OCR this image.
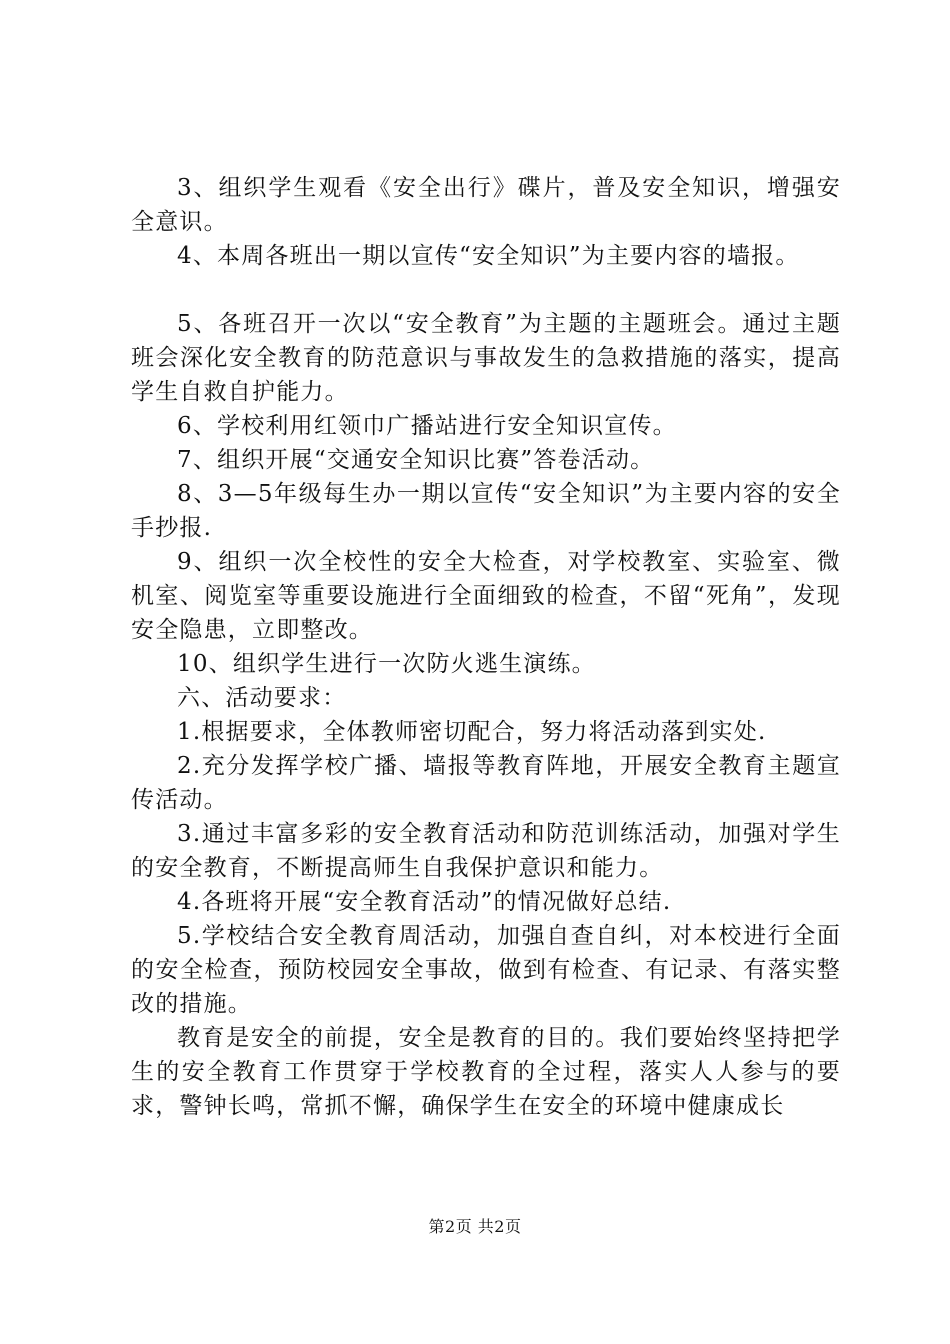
3、组织学生观看《安全出行》碟片，普及安全知识，增强安全意识。

4、本周各班出一期以宣传“安全知识”为主要内容的墙报。

5、各班召开一次以“安全教育”为主题的主题班会。通过主题班会深化安全教育的防范意识与事故发生的急救措施的落实，提高学生自救自护能力。

6、学校利用红领巾广播站进行安全知识宣传。

7、组织开展“交通安全知识比赛”答卷活动。

8、3—5年级每生办一期以宣传“安全知识”为主要内容的安全手抄报.

9、组织一次全校性的安全大检查，对学校教室、实验室、微机室、阅览室等重要设施进行全面细致的检查，不留“死角”，发现安全隐患，立即整改。

10、组织学生进行一次防火逃生演练。

六、活动要求：

1.根据要求，全体教师密切配合，努力将活动落到实处.

2.充分发挥学校广播、墙报等教育阵地，开展安全教育主题宣传活动。

3.通过丰富多彩的安全教育活动和防范训练活动，加强对学生的安全教育，不断提高师生自我保护意识和能力。

4.各班将开展“安全教育活动”的情况做好总结.

5.学校结合安全教育周活动，加强自查自纠，对本校进行全面的安全检查，预防校园安全事故，做到有检查、有记录、有落实整改的措施。

教育是安全的前提，安全是教育的目的。我们要始终坚持把学生的安全教育工作贯穿于学校教育的全过程，落实人人参与的要求，警钟长鸣，常抓不懈，确保学生在安全的环境中健康成长

第2页 共2页
